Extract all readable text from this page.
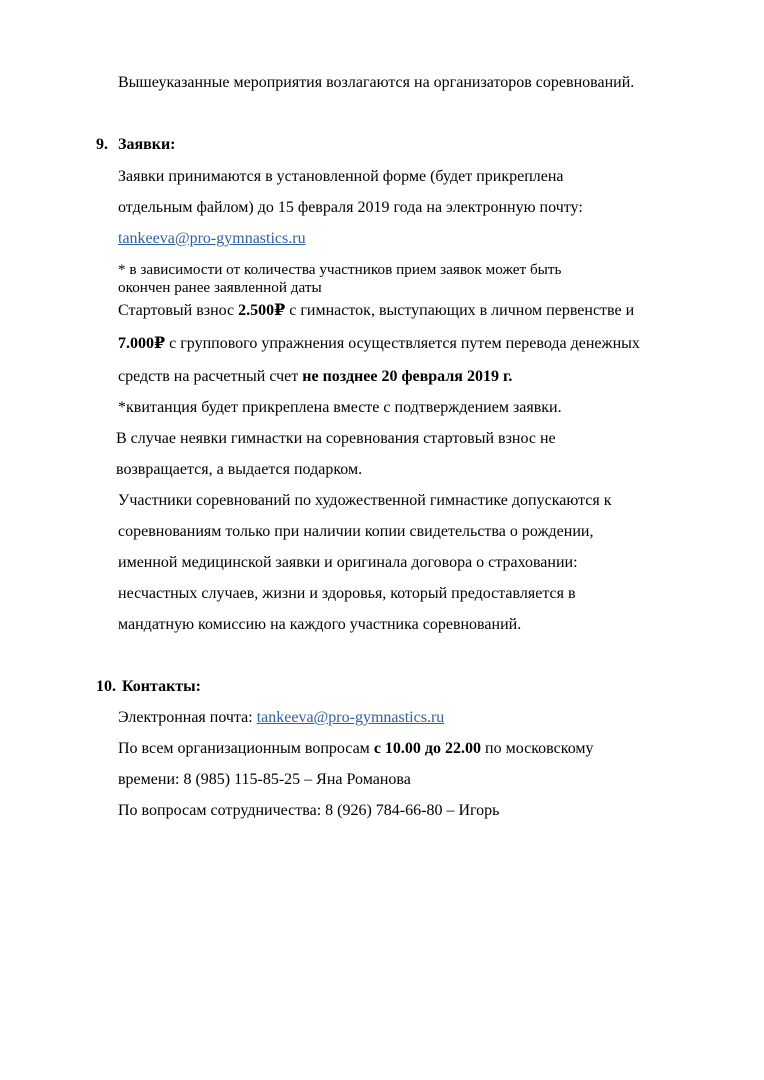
Вышеуказанные мероприятия возлагаются на организаторов соревнований.
9. Заявки:
Заявки принимаются в установленной форме (будет прикреплена
отдельным файлом) до 15 февраля 2019 года на электронную почту:
tankeeva@pro-gymnastics.ru
* в зависимости от количества участников прием заявок может быть
окончен ранее заявленной даты
Стартовый взнос 2.500₽ с гимнасток, выступающих в личном первенстве и
7.000₽ с группового упражнения осуществляется путем перевода денежных
средств на расчетный счет не позднее 20 февраля 2019 г.
*квитанция будет прикреплена вместе с подтверждением заявки.
В случае неявки гимнастки на соревнования стартовый взнос не
возвращается, а выдается подарком.
Участники соревнований по художественной гимнастике допускаются к
соревнованиям только при наличии копии свидетельства о рождении,
именной медицинской заявки и оригинала договора о страховании:
несчастных случаев, жизни и здоровья, который предоставляется в
мандатную комиссию на каждого участника соревнований.
10. Контакты:
Электронная почта: tankeeva@pro-gymnastics.ru
По всем организационным вопросам с 10.00 до 22.00 по московскому
времени: 8 (985) 115-85-25 – Яна Романова
По вопросам сотрудничества: 8 (926) 784-66-80 – Игорь
